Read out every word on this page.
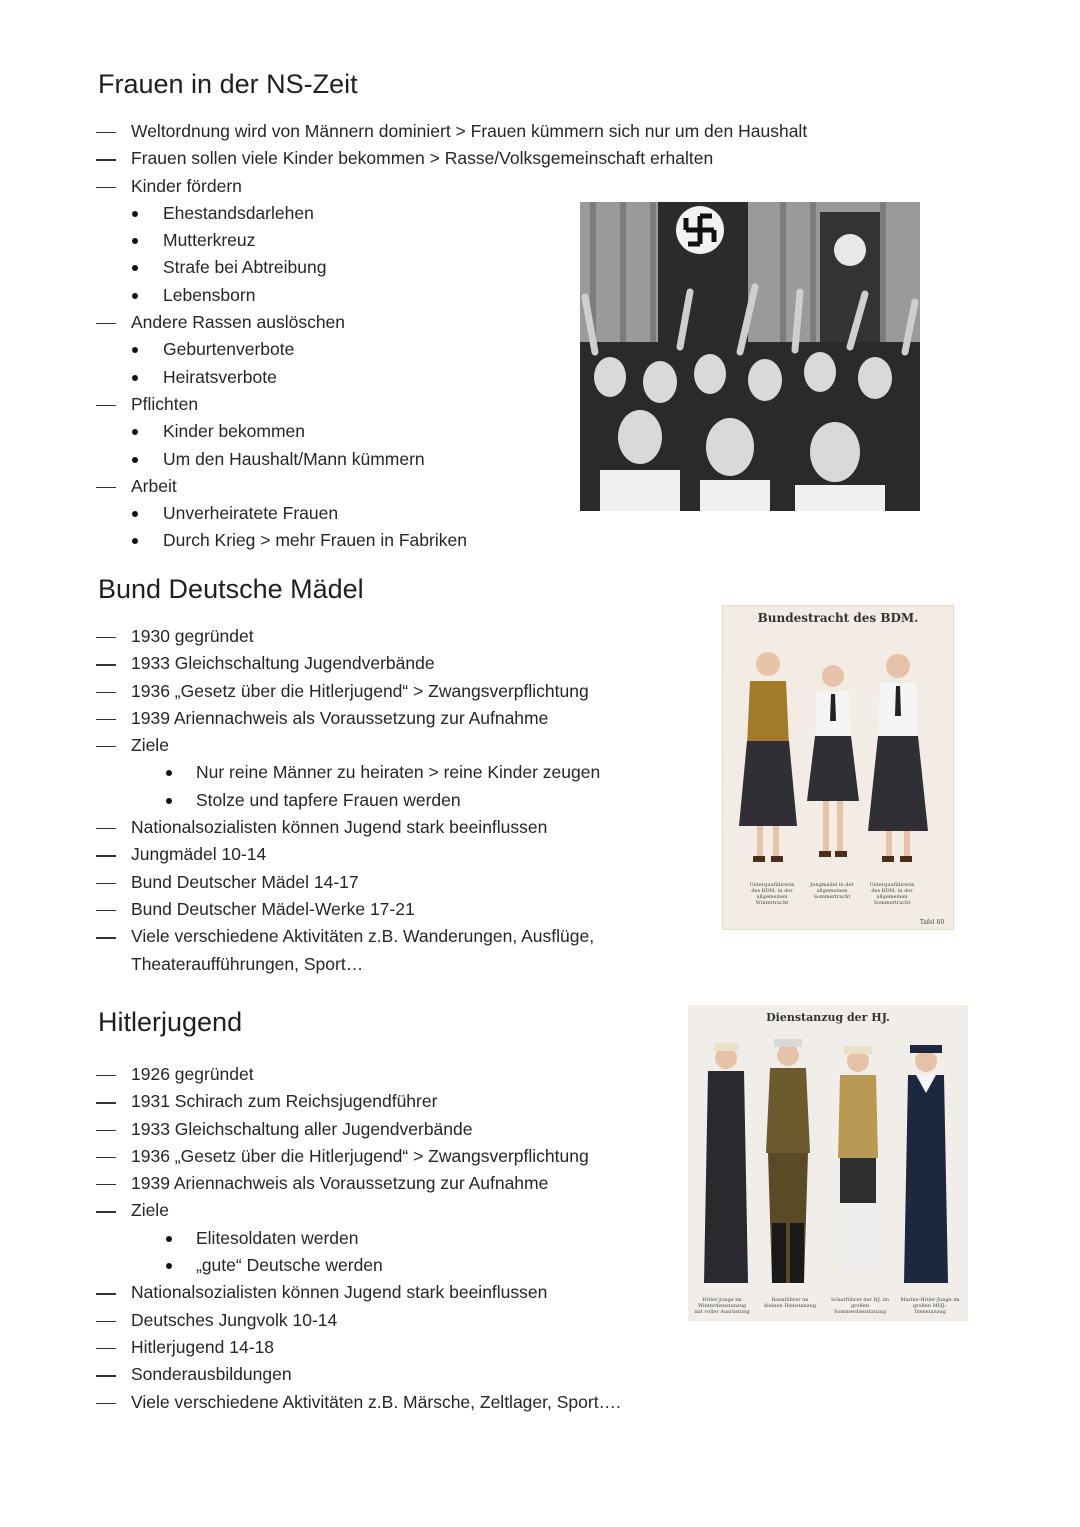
Frauen in der NS-Zeit
Weltordnung wird von Männern dominiert > Frauen kümmern sich nur um den Haushalt
Frauen sollen viele Kinder bekommen > Rasse/Volksgemeinschaft erhalten
Kinder fördern
Ehestandsdarlehen
Mutterkreuz
Strafe bei Abtreibung
Lebensborn
Andere Rassen auslöschen
Geburtenverbote
Heiratsverbote
Pflichten
Kinder bekommen
Um den Haushalt/Mann kümmern
Arbeit
Unverheiratete Frauen
Durch Krieg > mehr Frauen in Fabriken
Bund Deutsche Mädel
1930 gegründet
1933 Gleichschaltung Jugendverbände
1936 „Gesetz über die Hitlerjugend“ > Zwangsverpflichtung
1939 Ariennachweis als Voraussetzung zur Aufnahme
Ziele
Nur reine Männer zu heiraten > reine Kinder zeugen
Stolze und tapfere Frauen werden
Nationalsozialisten können Jugend stark beeinflussen
Jungmädel 10-14
Bund Deutscher Mädel 14-17
Bund Deutscher Mädel-Werke 17-21
Viele verschiedene Aktivitäten z.B. Wanderungen, Ausflüge,
Theateraufführungen, Sport…
Hitlerjugend
1926 gegründet
1931 Schirach zum Reichsjugendführer
1933 Gleichschaltung aller Jugendverbände
1936 „Gesetz über die Hitlerjugend“ > Zwangsverpflichtung
1939 Ariennachweis als Voraussetzung zur Aufnahme
Ziele
Elitesoldaten werden
„gute“ Deutsche werden
Nationalsozialisten können Jugend stark beeinflussen
Deutsches Jungvolk 10-14
Hitlerjugend 14-18
Sonderausbildungen
Viele verschiedene Aktivitäten z.B. Märsche, Zeltlager, Sport….
Bundestracht des BDM.
Untergauführerin des BDM. in der allgemeinen Wintertracht
Jungmädel in der allgemeinen Sommertracht
Untergauführerin des BDM. in der allgemeinen Sommertracht
Tafel 60
Dienstanzug der HJ.
Hitler-Junge im Winterdienstanzug mit voller Ausrüstung
Bannführer im kleinen Dienstanzug
Scharführer der HJ. im großen Sommerdienstanzug
Marine-Hitler-Junge im großen MHJ.-Dienstanzug
